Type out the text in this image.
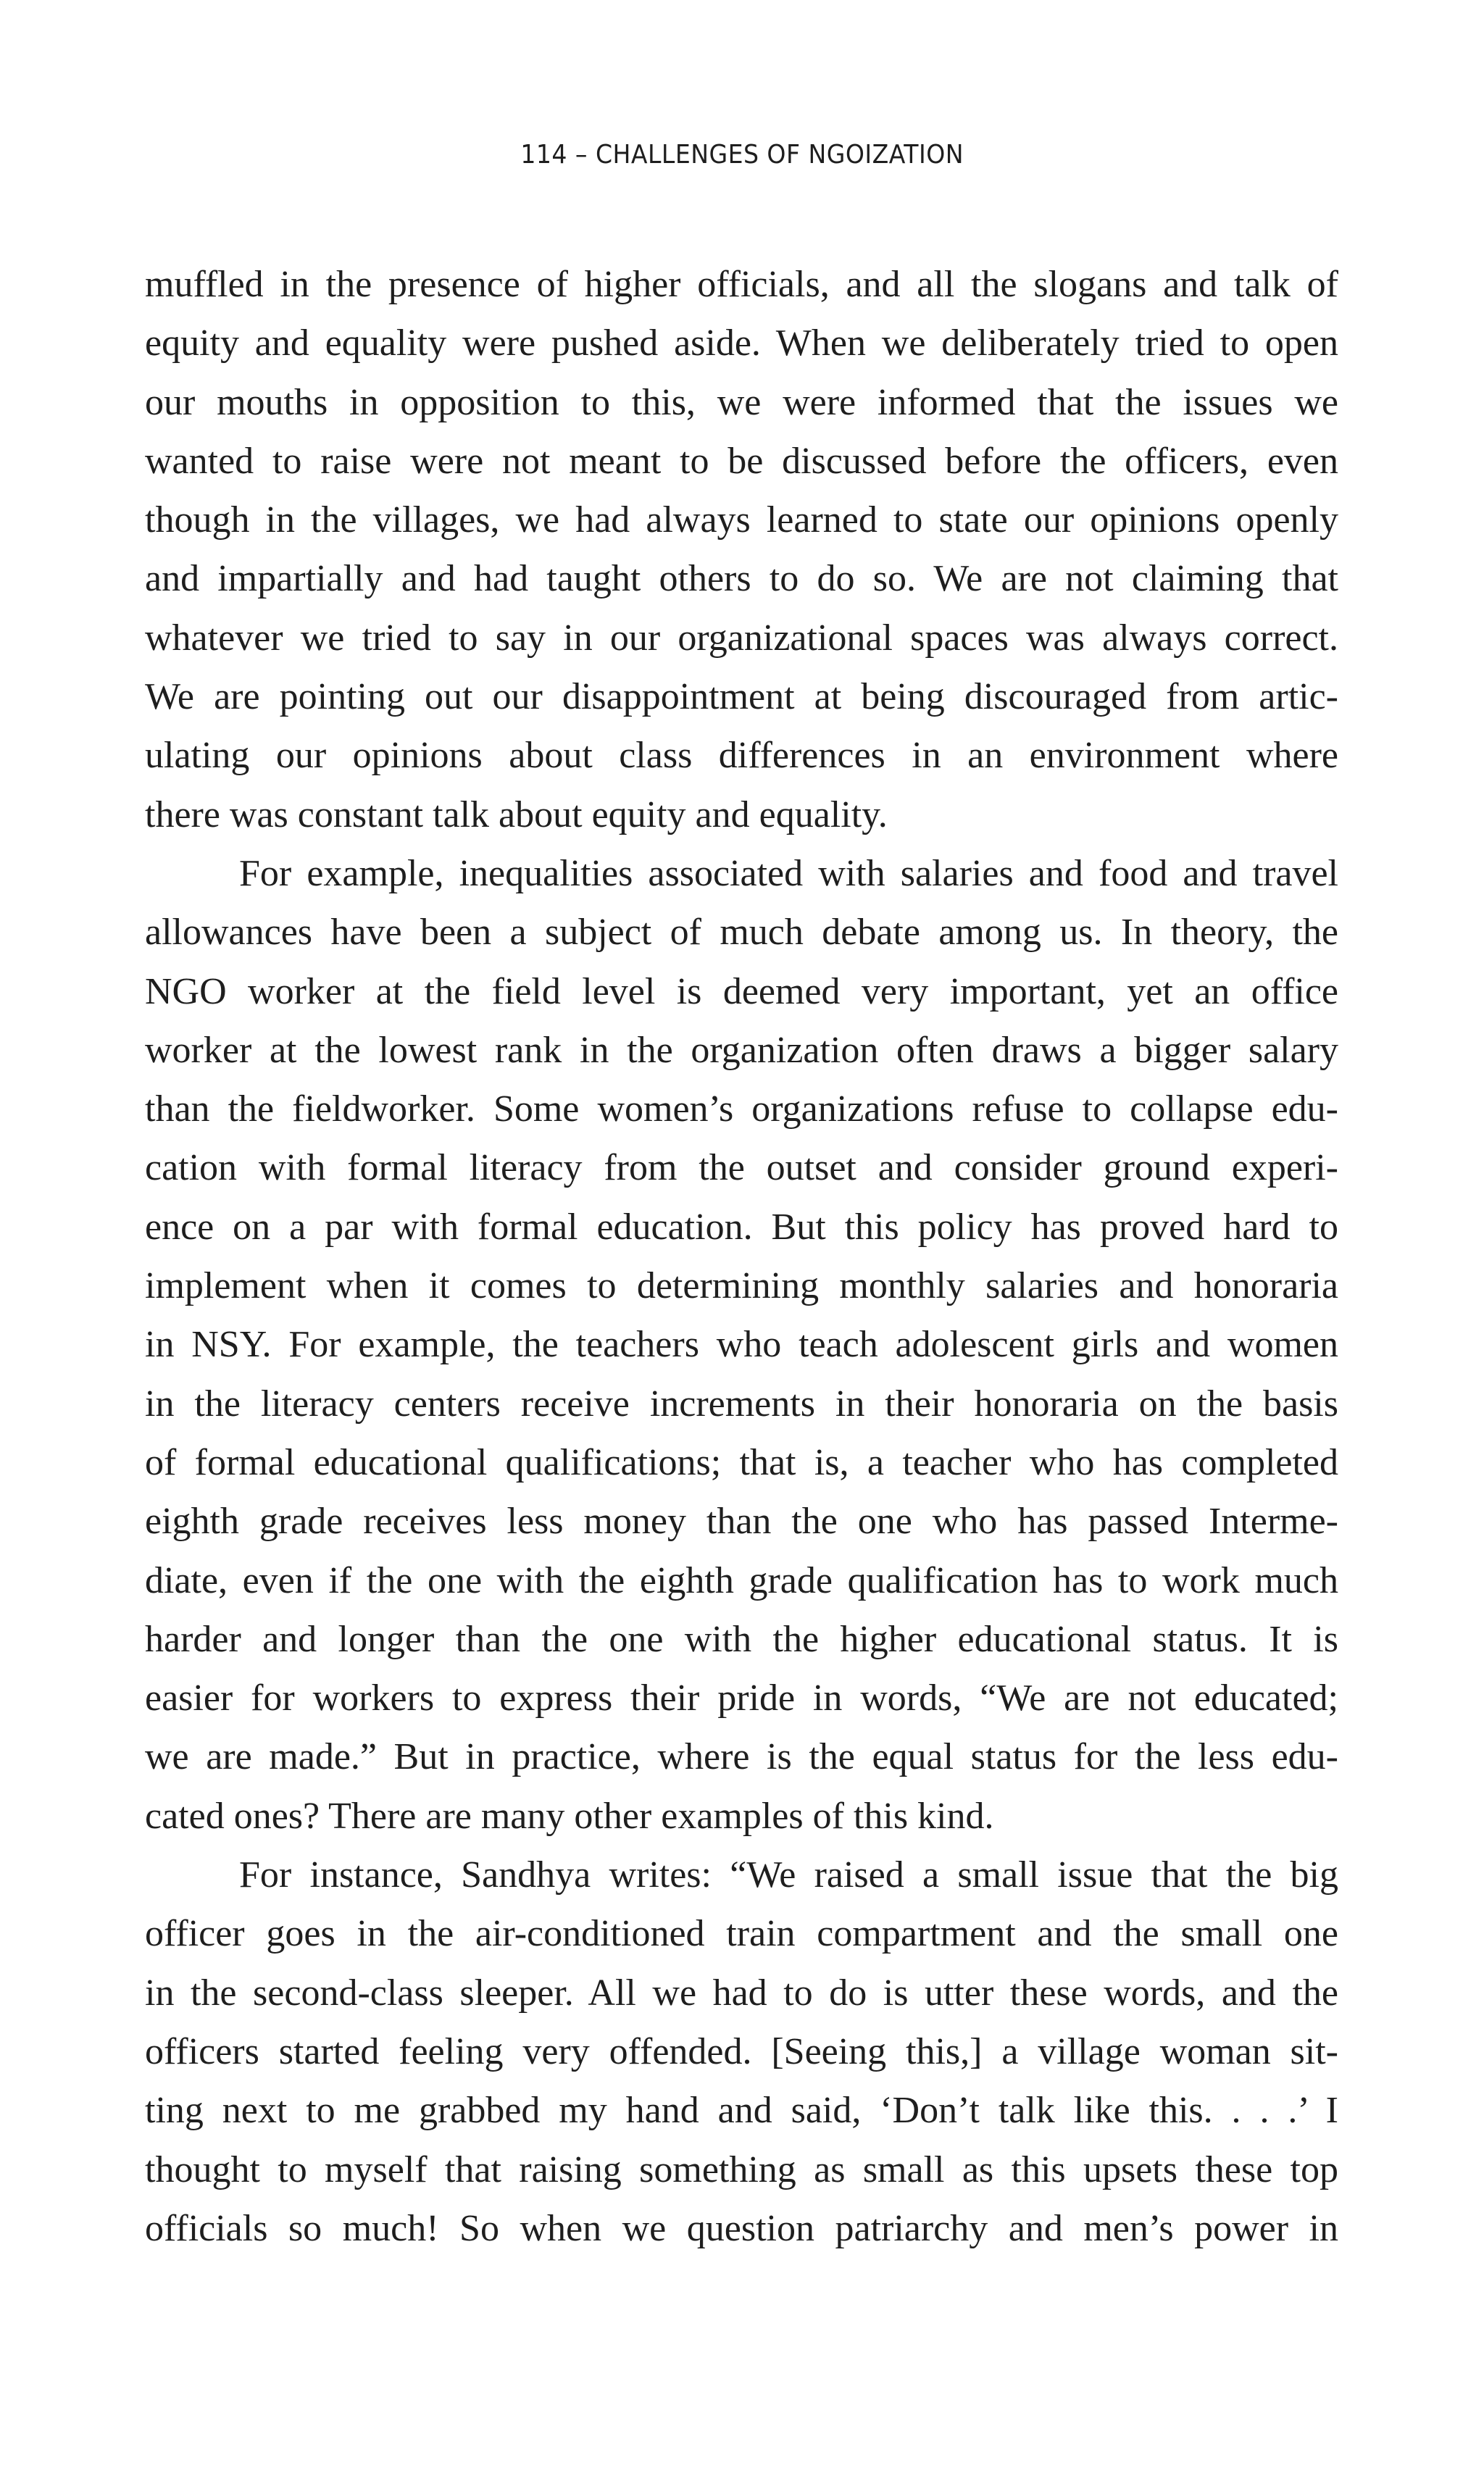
114 – CHALLENGES OF NGOIZATION
muffled in the presence of higher officials, and all the slogans and talk of
equity and equality were pushed aside. When we deliberately tried to open
our mouths in opposition to this, we were informed that the issues we
wanted to raise were not meant to be discussed before the officers, even
though in the villages, we had always learned to state our opinions openly
and impartially and had taught others to do so. We are not claiming that
whatever we tried to say in our organizational spaces was always correct.
We are pointing out our disappointment at being discouraged from artic-
ulating our opinions about class differences in an environment where
there was constant talk about equity and equality.
For example, inequalities associated with salaries and food and travel
allowances have been a subject of much debate among us. In theory, the
NGO worker at the field level is deemed very important, yet an office
worker at the lowest rank in the organization often draws a bigger salary
than the fieldworker. Some women’s organizations refuse to collapse edu-
cation with formal literacy from the outset and consider ground experi-
ence on a par with formal education. But this policy has proved hard to
implement when it comes to determining monthly salaries and honoraria
in NSY. For example, the teachers who teach adolescent girls and women
in the literacy centers receive increments in their honoraria on the basis
of formal educational qualifications; that is, a teacher who has completed
eighth grade receives less money than the one who has passed Interme-
diate, even if the one with the eighth grade qualification has to work much
harder and longer than the one with the higher educational status. It is
easier for workers to express their pride in words, “We are not educated;
we are made.” But in practice, where is the equal status for the less edu-
cated ones? There are many other examples of this kind.
For instance, Sandhya writes: “We raised a small issue that the big
officer goes in the air-conditioned train compartment and the small one
in the second-class sleeper. All we had to do is utter these words, and the
officers started feeling very offended. [Seeing this,] a village woman sit-
ting next to me grabbed my hand and said, ‘Don’t talk like this. . . .’ I
thought to myself that raising something as small as this upsets these top
officials so much! So when we question patriarchy and men’s power in
